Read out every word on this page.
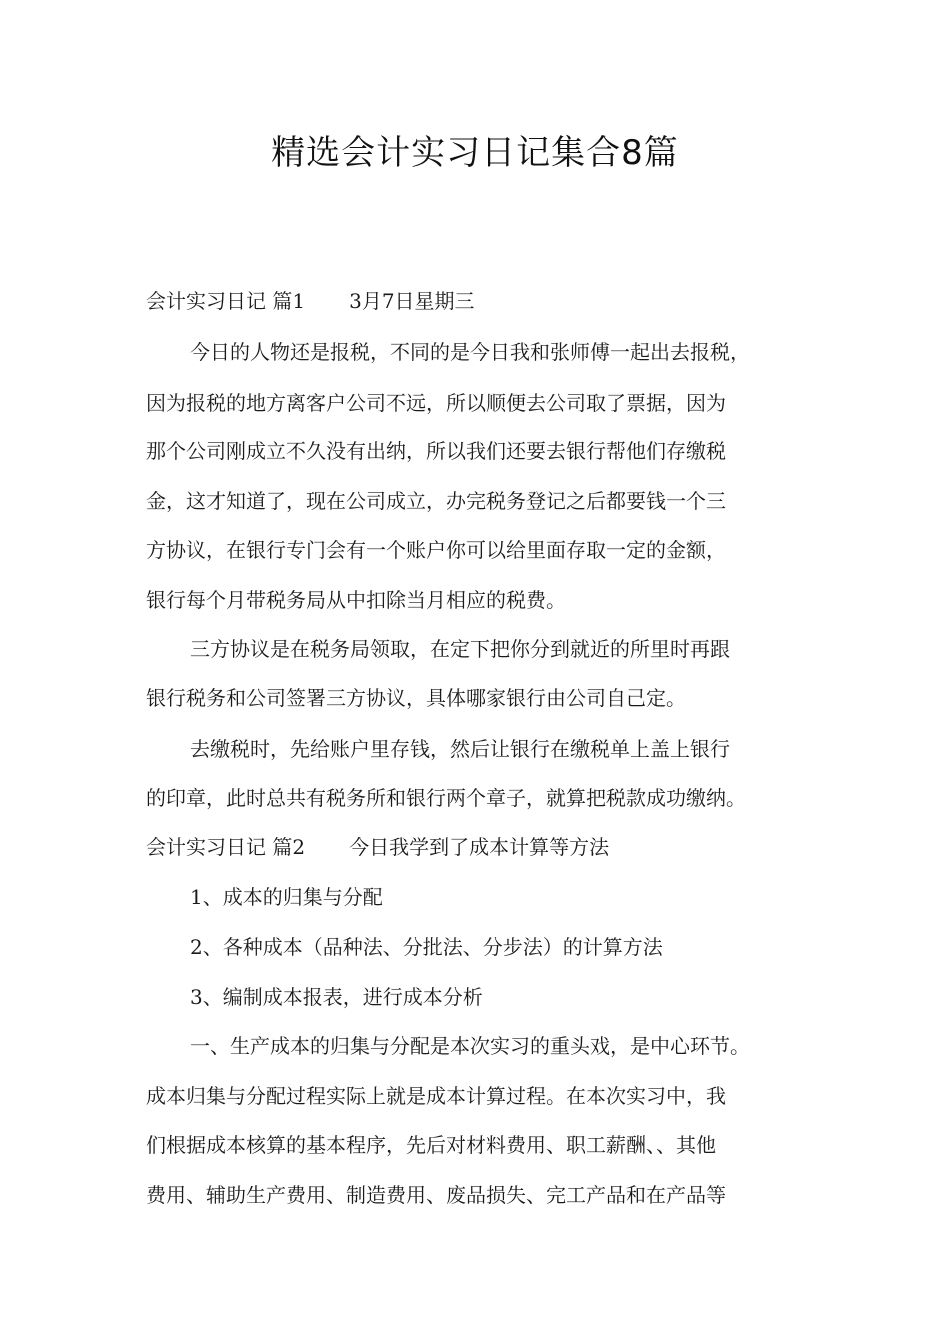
精选会计实习日记集合8篇
会计实习日记 篇1 3月7日星期三
今日的人物还是报税，不同的是今日我和张师傅一起出去报税，
因为报税的地方离客户公司不远，所以顺便去公司取了票据，因为
那个公司刚成立不久没有出纳，所以我们还要去银行帮他们存缴税
金，这才知道了，现在公司成立，办完税务登记之后都要钱一个三
方协议，在银行专门会有一个账户你可以给里面存取一定的金额，
银行每个月带税务局从中扣除当月相应的税费。
三方协议是在税务局领取，在定下把你分到就近的所里时再跟
银行税务和公司签署三方协议，具体哪家银行由公司自己定。
去缴税时，先给账户里存钱，然后让银行在缴税单上盖上银行
的印章，此时总共有税务所和银行两个章子，就算把税款成功缴纳。
会计实习日记 篇2 今日我学到了成本计算等方法
1、成本的归集与分配
2、各种成本（品种法、分批法、分步法）的计算方法
3、编制成本报表，进行成本分析
一、生产成本的归集与分配是本次实习的重头戏，是中心环节。
成本归集与分配过程实际上就是成本计算过程。在本次实习中，我
们根据成本核算的基本程序，先后对材料费用、职工薪酬、、其他
费用、辅助生产费用、制造费用、废品损失、完工产品和在产品等
